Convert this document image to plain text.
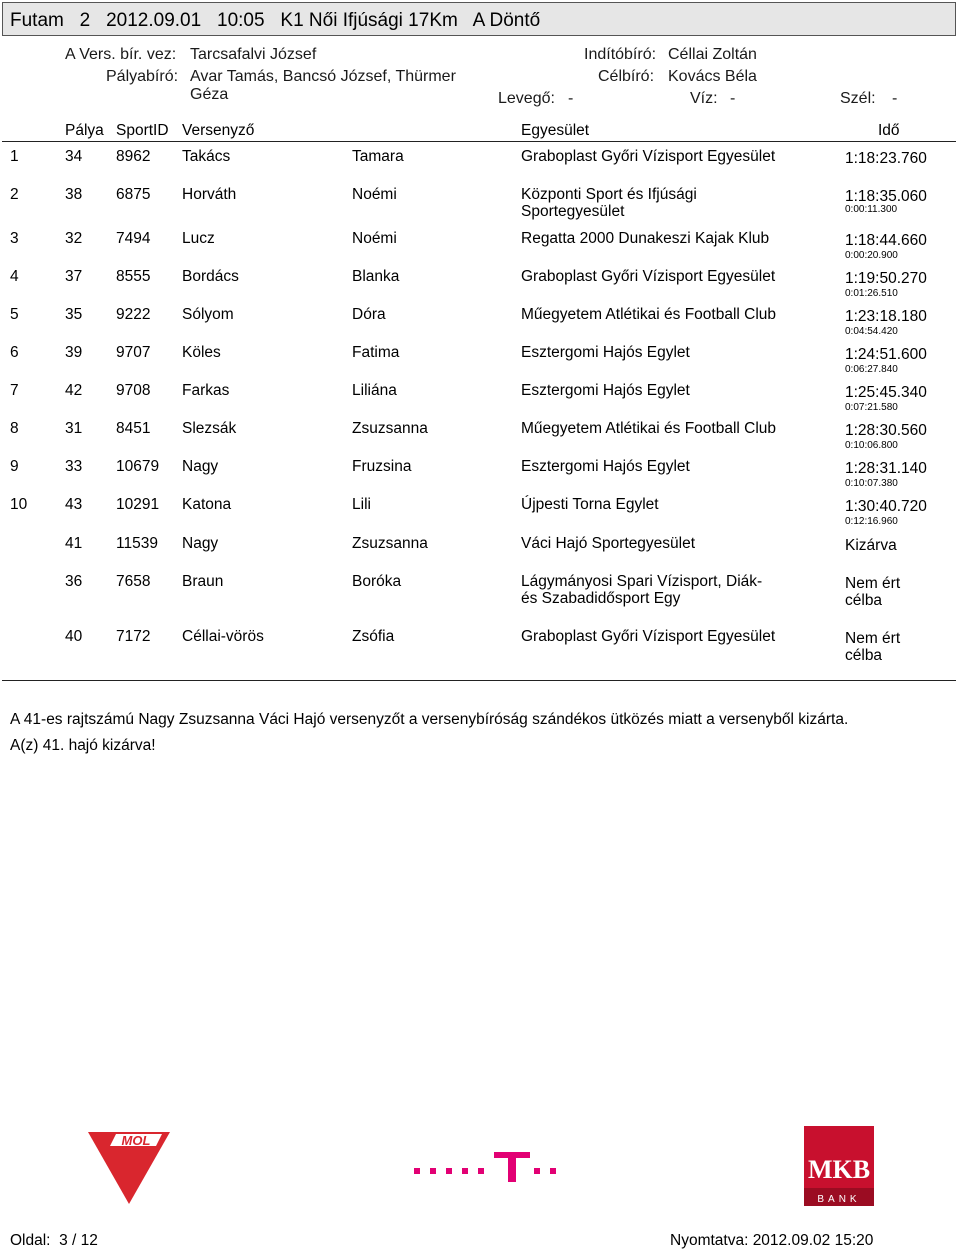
Futam   2   2012.09.01   10:05   K1 Női Ifjúsági 17Km   A Döntő
A Vers. bír. vez: Tarcsafalvi József
Pályabíró: Avar Tamás, Bancsó József, Thürmer
Géza
Indítóbíró: Céllai Zoltán
Célbíró: Kovács Béla
Levegő: -	Víz: -	Szél: -
Pálya SportID Versenyző	Egyesület	Idő
1	34 8962 Takács	Tamara	Graboplast Győri Vízisport Egyesület	1:18:23.760
2	38 6875 Horváth	Noémi	Központi Sport és Ifjúsági Sportegyesület
1:18:35.060
0:00:11.300
3	32 7494 Lucz	Noémi	Regatta 2000 Dunakeszi Kajak Klub	1:18:44.660
0:00:20.900
4	37 8555 Bordács	Blanka	Graboplast Győri Vízisport Egyesület	1:19:50.270
0:01:26.510
5	35 9222 Sólyom	Dóra	Műegyetem Atlétikai és Football Club	1:23:18.180
0:04:54.420
6	39 9707 Köles	Fatima	Esztergomi Hajós Egylet	1:24:51.600
0:06:27.840
7	42 9708 Farkas	Liliána	Esztergomi Hajós Egylet	1:25:45.340
0:07:21.580
8	31 8451 Slezsák	Zsuzsanna	Műegyetem Atlétikai és Football Club	1:28:30.560
0:10:06.800
9	33 10679 Nagy	Fruzsina	Esztergomi Hajós Egylet	1:28:31.140
0:10:07.380
10 43 10291 Katona	Lili	Újpesti Torna Egylet	1:30:40.720
0:12:16.960
41 11539 Nagy	Zsuzsanna	Váci Hajó Sportegyesület	Kizárva
36 7658 Braun	Boróka	Lágymányosi Spari Vízisport, Diák- és Szabadidősport Egy
Nem ért célba
40 7172 Céllai-vörös	Zsófia	Graboplast Győri Vízisport Egyesület	Nem ért célba
A 41-es rajtszámú Nagy Zsuzsanna Váci Hajó versenyzőt a versenybíróság szándékos ütközés miatt a versenyből kizárta.
A(z) 41. hajó kizárva!
MOL
MKB
BANK
Oldal:  3 / 12	Nyomtatva: 2012.09.02 15:20
